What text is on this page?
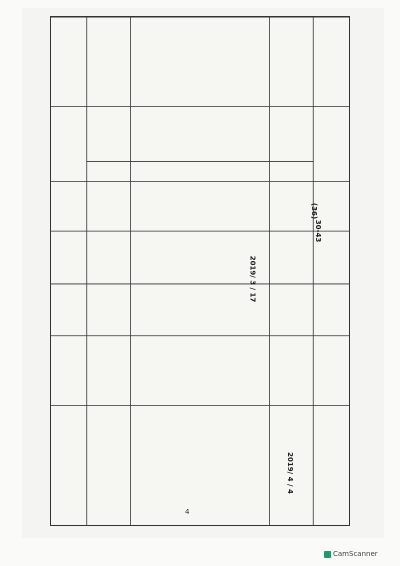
2019/ 3 / 17
2019/ 4 / 4
(36)
30-43
4
CamScanner
